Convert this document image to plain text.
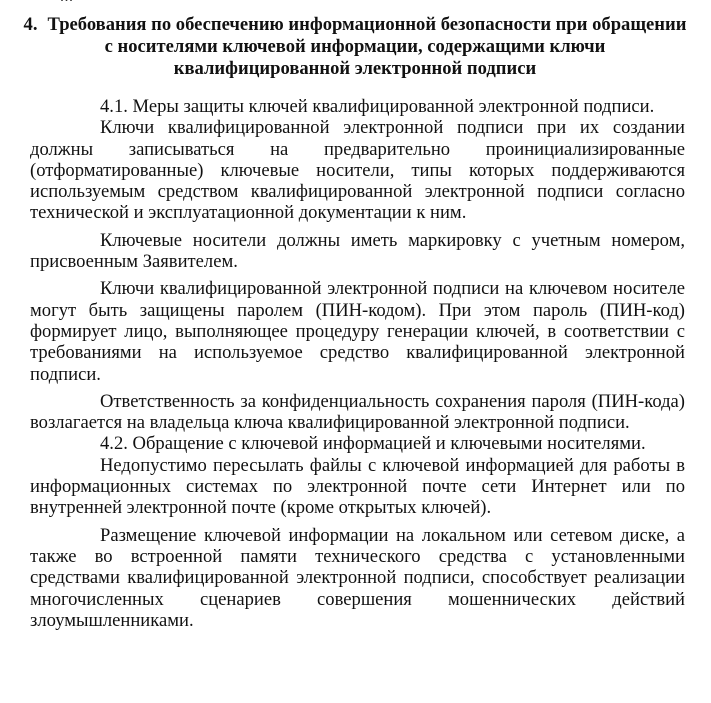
4. Требования по обеспечению информационной безопасности при обращении с носителями ключевой информации, содержащими ключи квалифицированной электронной подписи

4.1. Меры защиты ключей квалифицированной электронной подписи.

Ключи квалифицированной электронной подписи при их создании должны записываться на предварительно проинициализированные (отформатированные) ключевые носители, типы которых поддерживаются используемым средством квалифицированной электронной подписи согласно технической и эксплуатационной документации к ним.

Ключевые носители должны иметь маркировку с учетным номером, присвоенным Заявителем.

Ключи квалифицированной электронной подписи на ключевом носителе могут быть защищены паролем (ПИН-кодом). При этом пароль (ПИН-код) формирует лицо, выполняющее процедуру генерации ключей, в соответствии с требованиями на используемое средство квалифицированной электронной подписи.

Ответственность за конфиденциальность сохранения пароля (ПИН-кода) возлагается на владельца ключа квалифицированной электронной подписи.

4.2. Обращение с ключевой информацией и ключевыми носителями.

Недопустимо пересылать файлы с ключевой информацией для работы в информационных системах по электронной почте сети Интернет или по внутренней электронной почте (кроме открытых ключей).

Размещение ключевой информации на локальном или сетевом диске, а также во встроенной памяти технического средства с установленными средствами квалифицированной электронной подписи, способствует реализации многочисленных сценариев совершения мошеннических действий злоумышленниками.
